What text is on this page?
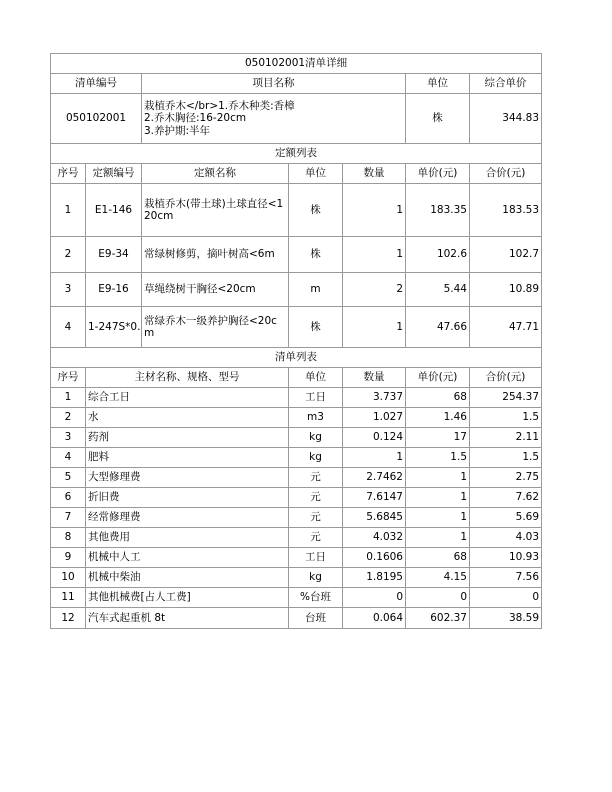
050102001清单详细						
清单编号		项目名称			单位	综合单价
050102001		栽植乔木</br>1.乔木种类:香樟
2.乔木胸径:16-20cm
3.养护期:半年			株	344.83
定额列表						
序号	定额编号	定额名称	单位	数量	单价(元)	合价(元)
1	E1-146	栽植乔木(带土球)土球直径<120cm	株	1	183.35	183.53
2	E9-34	常绿树修剪，摘叶树高<6m	株	1	102.6	102.7
3	E9-16	草绳绕树干胸径<20cm	m	2	5.44	10.89
4	1-247S*0.	常绿乔木一级养护胸径<20cm	株	1	47.66	47.71
清单列表						
序号	主材名称、规格、型号		单位	数量	单价(元)	合价(元)
1	综合工日		工日	3.737	68	254.37
2	水		m3	1.027	1.46	1.5
3	药剂		kg	0.124	17	2.11
4	肥料		kg	1	1.5	1.5
5	大型修理费		元	2.7462	1	2.75
6	折旧费		元	7.6147	1	7.62
7	经常修理费		元	5.6845	1	5.69
8	其他费用		元	4.032	1	4.03
9	机械中人工		工日	0.1606	68	10.93
10	机械中柴油		kg	1.8195	4.15	7.56
11	其他机械费[占人工费]		%台班	0	0	0
12	汽车式起重机 8t		台班	0.064	602.37	38.59
